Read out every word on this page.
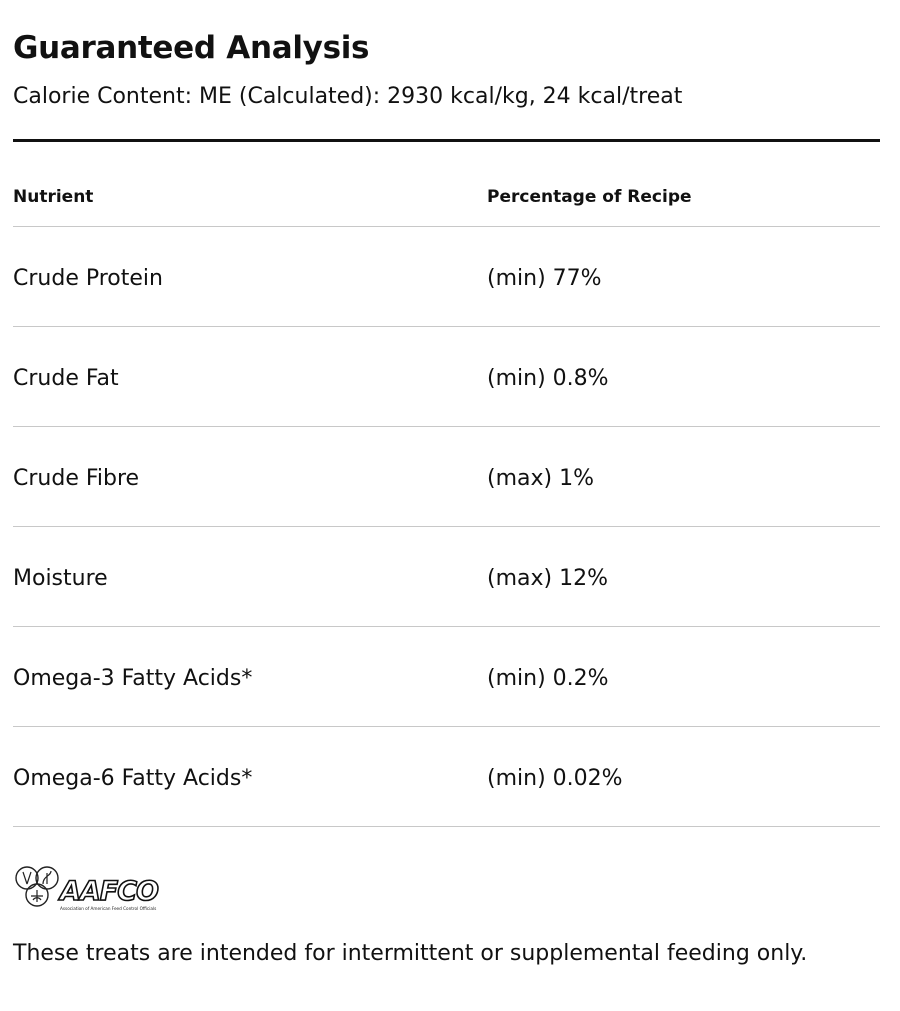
Guaranteed Analysis
Calorie Content: ME (Calculated): 2930 kcal/kg, 24 kcal/treat
Nutrient	Percentage of Recipe
Crude Protein	(min) 77%
Crude Fat	(min) 0.8%
Crude Fibre	(max) 1%
Moisture	(max) 12%
Omega-3 Fatty Acids*	(min) 0.2%
Omega-6 Fatty Acids*	(min) 0.02%
AAFCO
Association of American Feed Control Officials
These treats are intended for intermittent or supplemental feeding only.
